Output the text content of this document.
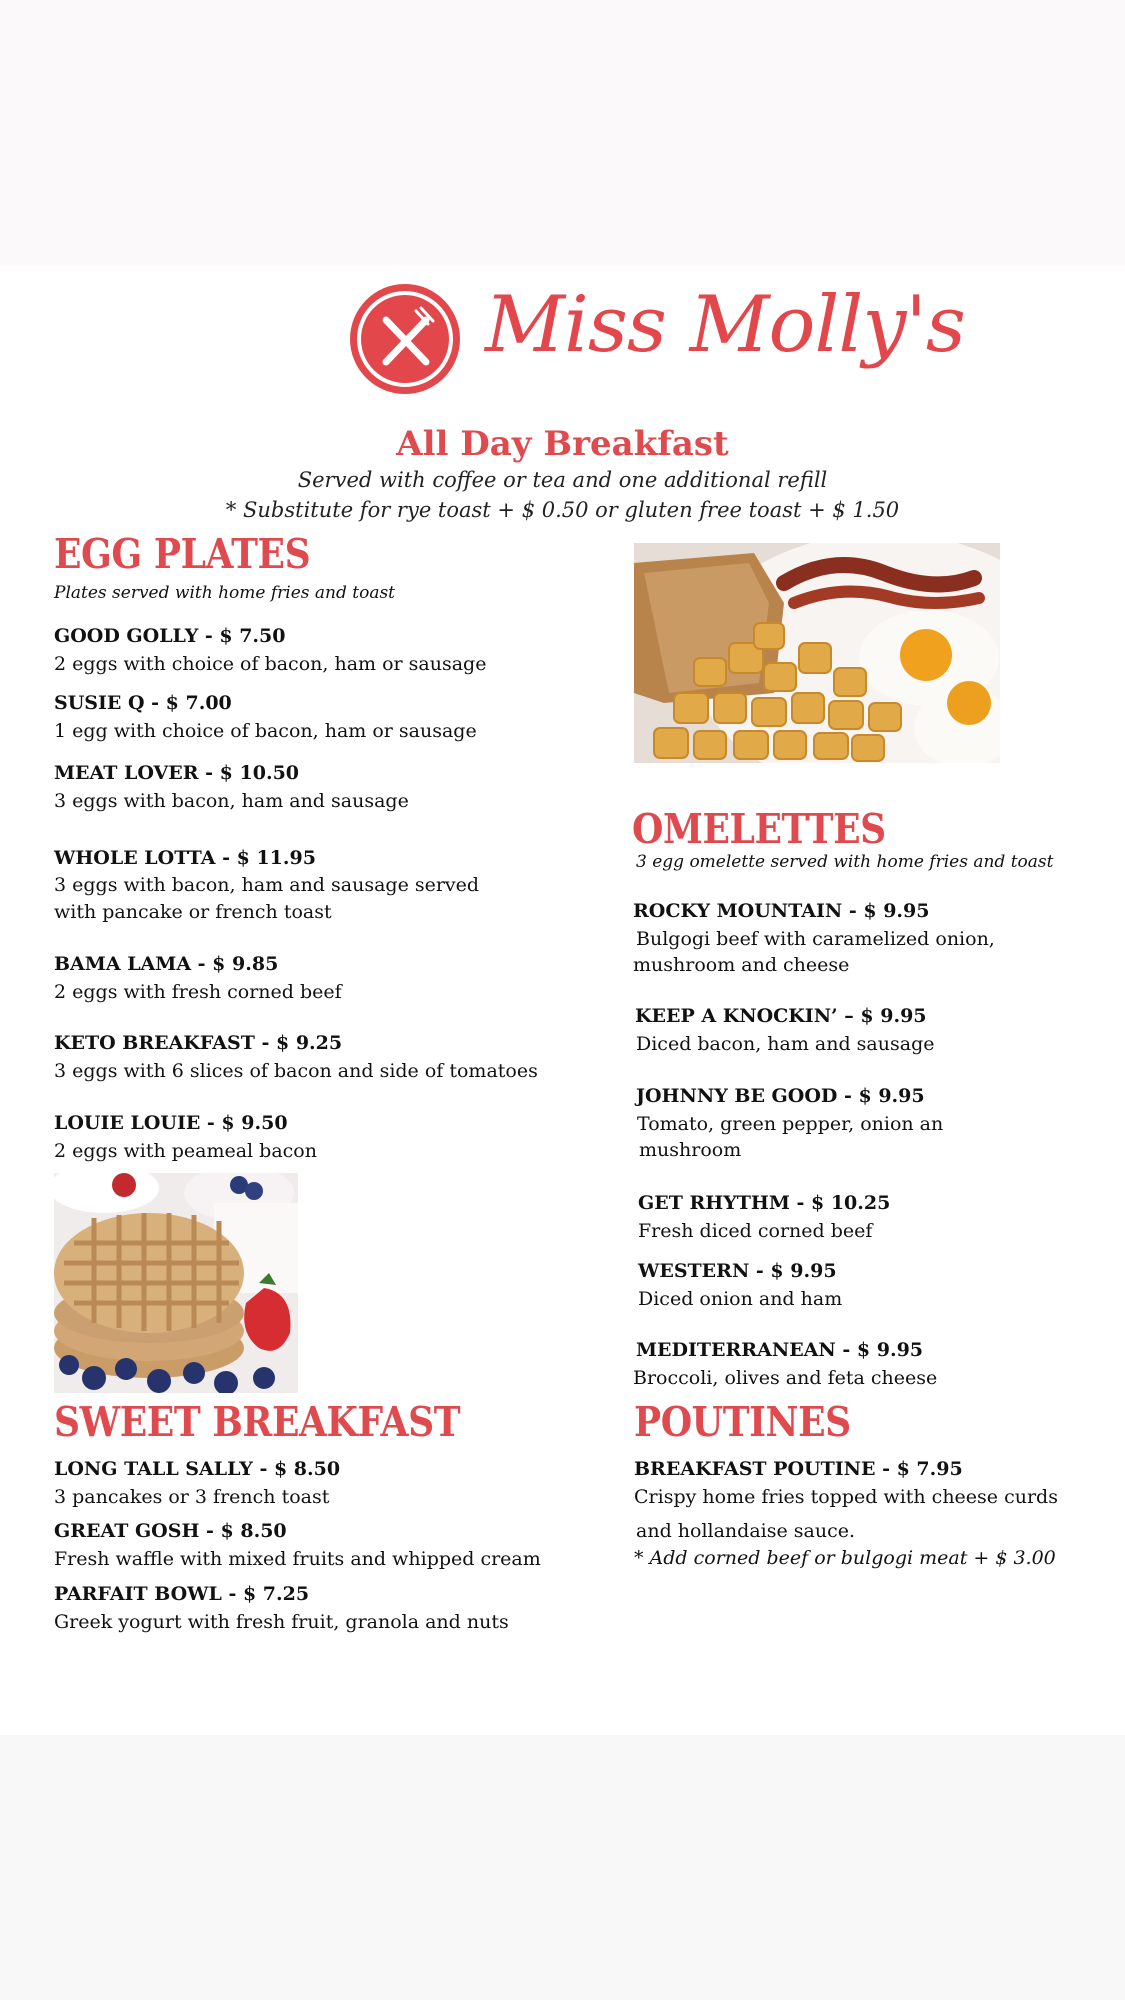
Miss Molly's
All Day Breakfast
Served with coffee or tea and one additional refill
* Substitute for rye toast + $ 0.50 or gluten free toast + $ 1.50
EGG PLATES
Plates served with home fries and toast
GOOD GOLLY - $ 7.50
2 eggs with choice of bacon, ham or sausage
SUSIE Q - $ 7.00
1 egg with choice of bacon, ham or sausage
MEAT LOVER - $ 10.50
3 eggs with bacon, ham and sausage
WHOLE LOTTA - $ 11.95
3 eggs with bacon, ham and sausage served
with pancake or french toast
BAMA LAMA - $ 9.85
2 eggs with fresh corned beef
KETO BREAKFAST - $ 9.25
3 eggs with 6 slices of bacon and side of tomatoes
LOUIE LOUIE - $ 9.50
2 eggs with peameal bacon
OMELETTES
3 egg omelette served with home fries and toast
ROCKY MOUNTAIN - $ 9.95
Bulgogi beef with caramelized onion,
mushroom and cheese
KEEP A KNOCKIN’ – $ 9.95
Diced bacon, ham and sausage
JOHNNY BE GOOD - $ 9.95
Tomato, green pepper, onion an
mushroom
GET RHYTHM - $ 10.25
Fresh diced corned beef
WESTERN - $ 9.95
Diced onion and ham
MEDITERRANEAN - $ 9.95
Broccoli, olives and feta cheese
SWEET BREAKFAST
LONG TALL SALLY - $ 8.50
3 pancakes or 3 french toast
GREAT GOSH - $ 8.50
Fresh waffle with mixed fruits and whipped cream
PARFAIT BOWL - $ 7.25
Greek yogurt with fresh fruit, granola and nuts
POUTINES
BREAKFAST POUTINE - $ 7.95
Crispy home fries topped with cheese curds
and hollandaise sauce.
* Add corned beef or bulgogi meat + $ 3.00
